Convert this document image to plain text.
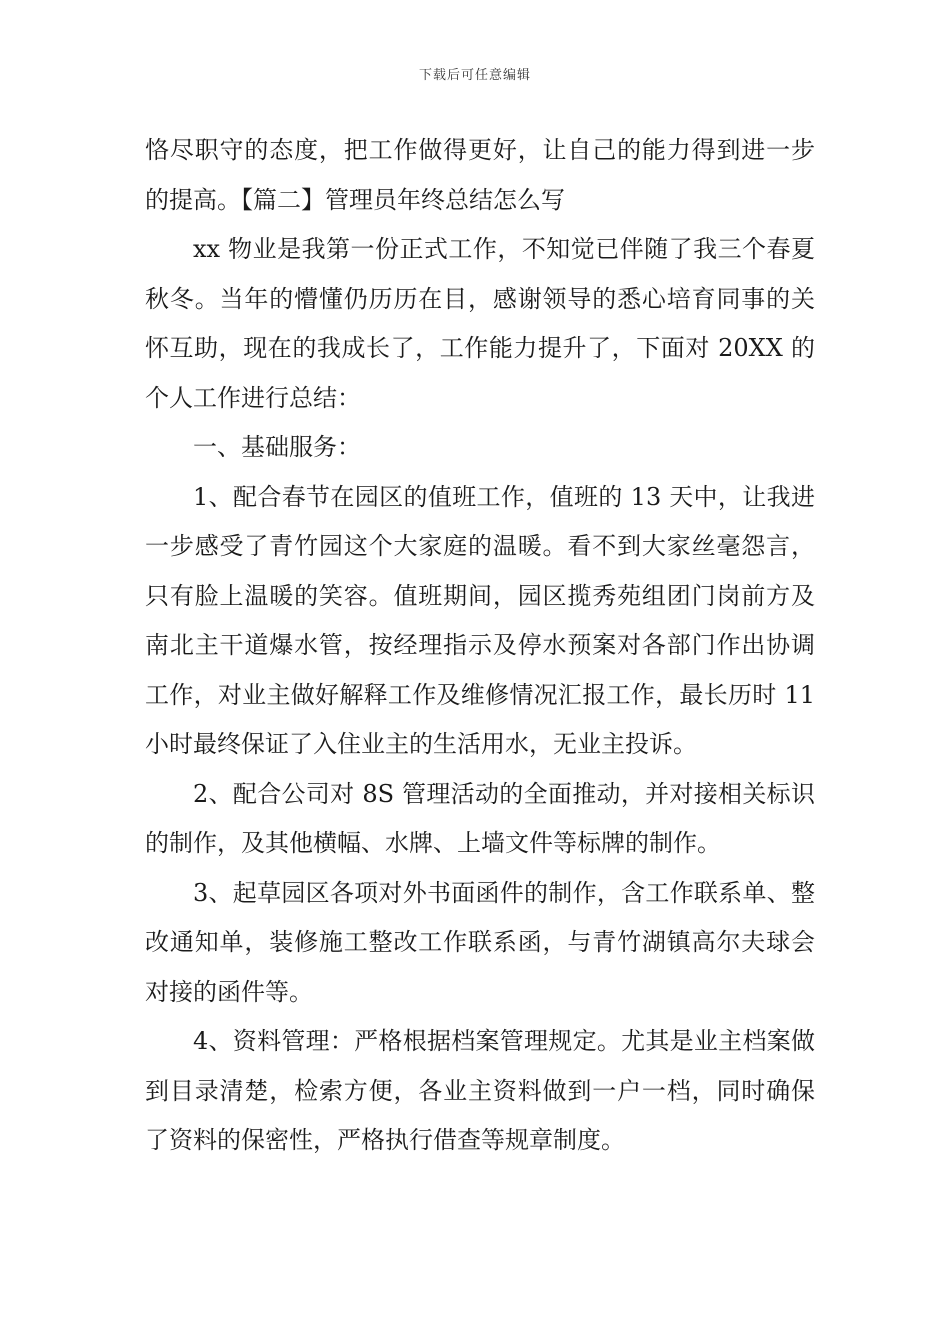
下载后可任意编辑

恪尽职守的态度，把工作做得更好，让自己的能力得到进一步的提高。【篇二】管理员年终总结怎么写

xx 物业是我第一份正式工作，不知觉已伴随了我三个春夏秋冬。当年的懵懂仍历历在目，感谢领导的悉心培育同事的关怀互助，现在的我成长了，工作能力提升了，下面对 20XX 的个人工作进行总结：

一、基础服务：

1、配合春节在园区的值班工作，值班的 13 天中，让我进一步感受了青竹园这个大家庭的温暖。看不到大家丝毫怨言，只有脸上温暖的笑容。值班期间，园区揽秀苑组团门岗前方及南北主干道爆水管，按经理指示及停水预案对各部门作出协调工作，对业主做好解释工作及维修情况汇报工作，最长历时 11 小时最终保证了入住业主的生活用水，无业主投诉。

2、配合公司对 8S 管理活动的全面推动，并对接相关标识的制作，及其他横幅、水牌、上墙文件等标牌的制作。

3、起草园区各项对外书面函件的制作，含工作联系单、整改通知单，装修施工整改工作联系函，与青竹湖镇高尔夫球会对接的函件等。

4、资料管理：严格根据档案管理规定。尤其是业主档案做到目录清楚，检索方便，各业主资料做到一户一档，同时确保了资料的保密性，严格执行借查等规章制度。
